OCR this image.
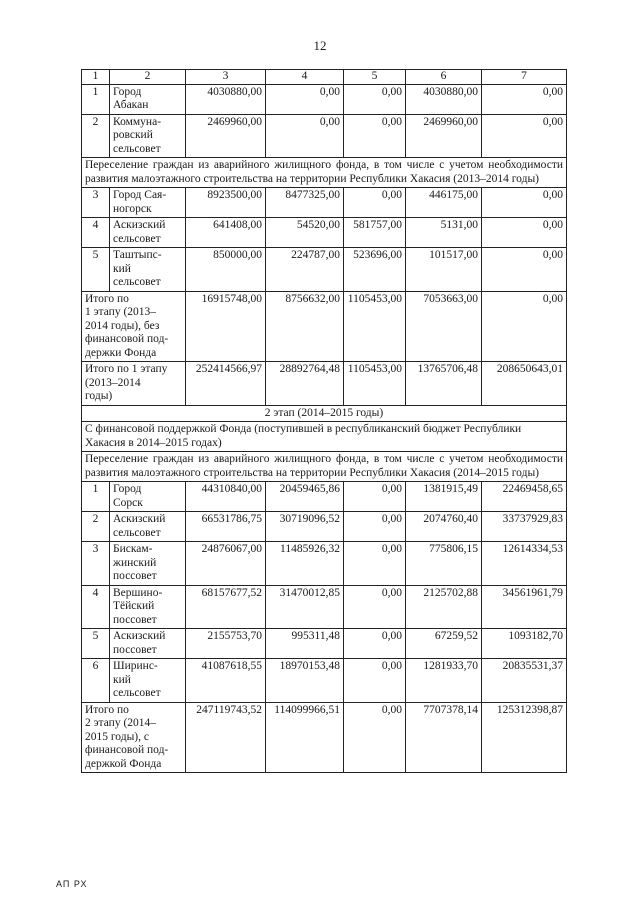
12
1	2	3	4	5	6	7
1	Город
Абакан	4030880,00	0,00	0,00	4030880,00	0,00
2	Коммуна-
ровский
сельсовет	2469960,00	0,00	0,00	2469960,00	0,00
Переселение граждан из аварийного жилищного фонда, в том числе с учетом необходимости развития малоэтажного строительства на территории Республики Хакасия (2013–2014 годы)						
3	Город Сая-
ногорск	8923500,00	8477325,00	0,00	446175,00	0,00
4	Аскизский
сельсовет	641408,00	54520,00	581757,00	5131,00	0,00
5	Таштыпс-
кий
сельсовет	850000,00	224787,00	523696,00	101517,00	0,00
Итого по
1 этапу (2013–
2014 годы), без
финансовой под-
держки Фонда		16915748,00	8756632,00	1105453,00	7053663,00	0,00
Итого по 1 этапу
(2013–2014
годы)		252414566,97	28892764,48	1105453,00	13765706,48	208650643,01
2 этап (2014–2015 годы)						
С финансовой поддержкой Фонда (поступившей в республиканский бюджет Республики Хакасия в 2014–2015 годах)						
Переселение граждан из аварийного жилищного фонда, в том числе с учетом необходимости развития малоэтажного строительства на территории Республики Хакасия (2014–2015 годы)						
1	Город
Сорск	44310840,00	20459465,86	0,00	1381915,49	22469458,65
2	Аскизский
сельсовет	66531786,75	30719096,52	0,00	2074760,40	33737929,83
3	Бискам-
жинский
поссовет	24876067,00	11485926,32	0,00	775806,15	12614334,53
4	Вершино-
Тёйский
поссовет	68157677,52	31470012,85	0,00	2125702,88	34561961,79
5	Аскизский
поссовет	2155753,70	995311,48	0,00	67259,52	1093182,70
6	Ширинс-
кий
сельсовет	41087618,55	18970153,48	0,00	1281933,70	20835531,37
Итого по
2 этапу (2014–
2015 годы), с
финансовой под-
держкой Фонда		247119743,52	114099966,51	0,00	7707378,14	125312398,87
АП РХ
